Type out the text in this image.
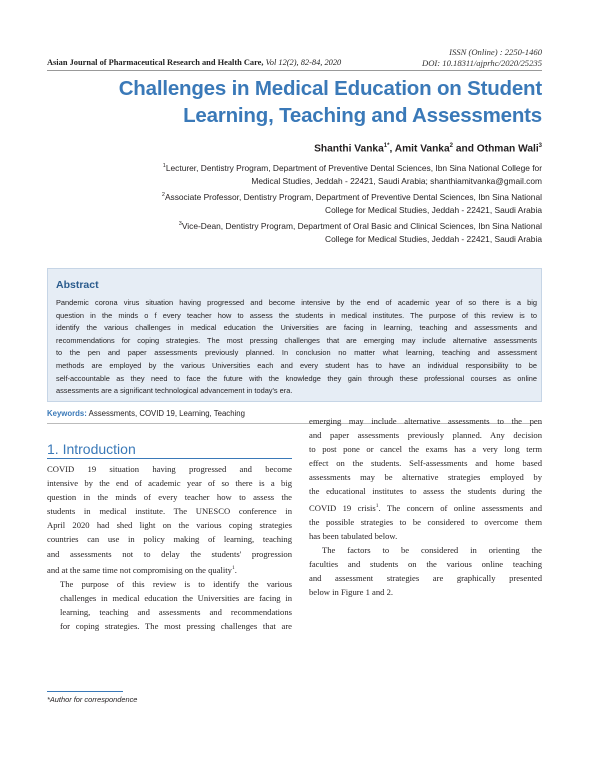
ISSN (Online) : 2250-1460
DOI: 10.18311/ajprhc/2020/25235
Asian Journal of Pharmaceutical Research and Health Care, Vol 12(2), 82-84, 2020
Challenges in Medical Education on Student
Learning, Teaching and Assessments
Shanthi Vanka$^{1*}$, Amit Vanka$^2$ and Othman Wali$^3$
$^1$Lecturer, Dentistry Program, Department of Preventive Dental Sciences, Ibn Sina National College for
Medical Studies, Jeddah - 22421, Saudi Arabia; shanthiamitvanka@gmail.com
$^2$Associate Professor, Dentistry Program, Department of Preventive Dental Sciences, Ibn Sina National
College for Medical Studies, Jeddah - 22421, Saudi Arabia
$^3$Vice-Dean, Dentistry Program, Department of Oral Basic and Clinical Sciences, Ibn Sina National
College for Medical Studies, Jeddah - 22421, Saudi Arabia
Abstract
Pandemic corona virus situation having progressed and become intensive by the end of academic year of so there is a big
question in the minds o f every teacher how to assess the students in medical institutes. The purpose of this review is to
identify the various challenges in medical education the Universities are facing in learning, teaching and assessments and
recommendations for coping strategies. The most pressing challenges that are emerging may include alternative assessments
to the pen and paper assessments previously planned. In conclusion no matter what learning, teaching and assessment
methods are employed by the various Universities each and every student has to have an individual responsibility to be
self-accountable as they need to face the future with the knowledge they gain through these professional courses as online
assessments are a significant technological advancement in today's era.
Keywords: Assessments, COVID 19, Learning, Teaching
1. Introduction

COVID 19 situation having progressed and become
intensive by the end of academic year of so there is a big
question in the minds of every teacher how to assess the
students in medical institute. The UNESCO conference in
April 2020 had shed light on the various coping strategies
countries can use in policy making of learning, teaching
and assessments not to delay the students' progression
and at the same time not compromising on the quality$^1$.

The purpose of this review is to identify the various
challenges in medical education the Universities are facing in
learning, teaching and assessments and recommendations
for coping strategies. The most pressing challenges that are

emerging may include alternative assessments to the pen
and paper assessments previously planned. Any decision
to post pone or cancel the exams has a very long term
effect on the students. Self-assessments and home based
assessments may be alternative strategies employed by
the educational institutes to assess the students during the
COVID 19 crisis$^1$. The concern of online assessments and
the possible strategies to be considered to overcome them
has been tabulated below.

The factors to be considered in orienting the
faculties and students on the various online teaching
and assessment strategies are graphically presented
below in Figure 1 and 2.

*Author for correspondence
